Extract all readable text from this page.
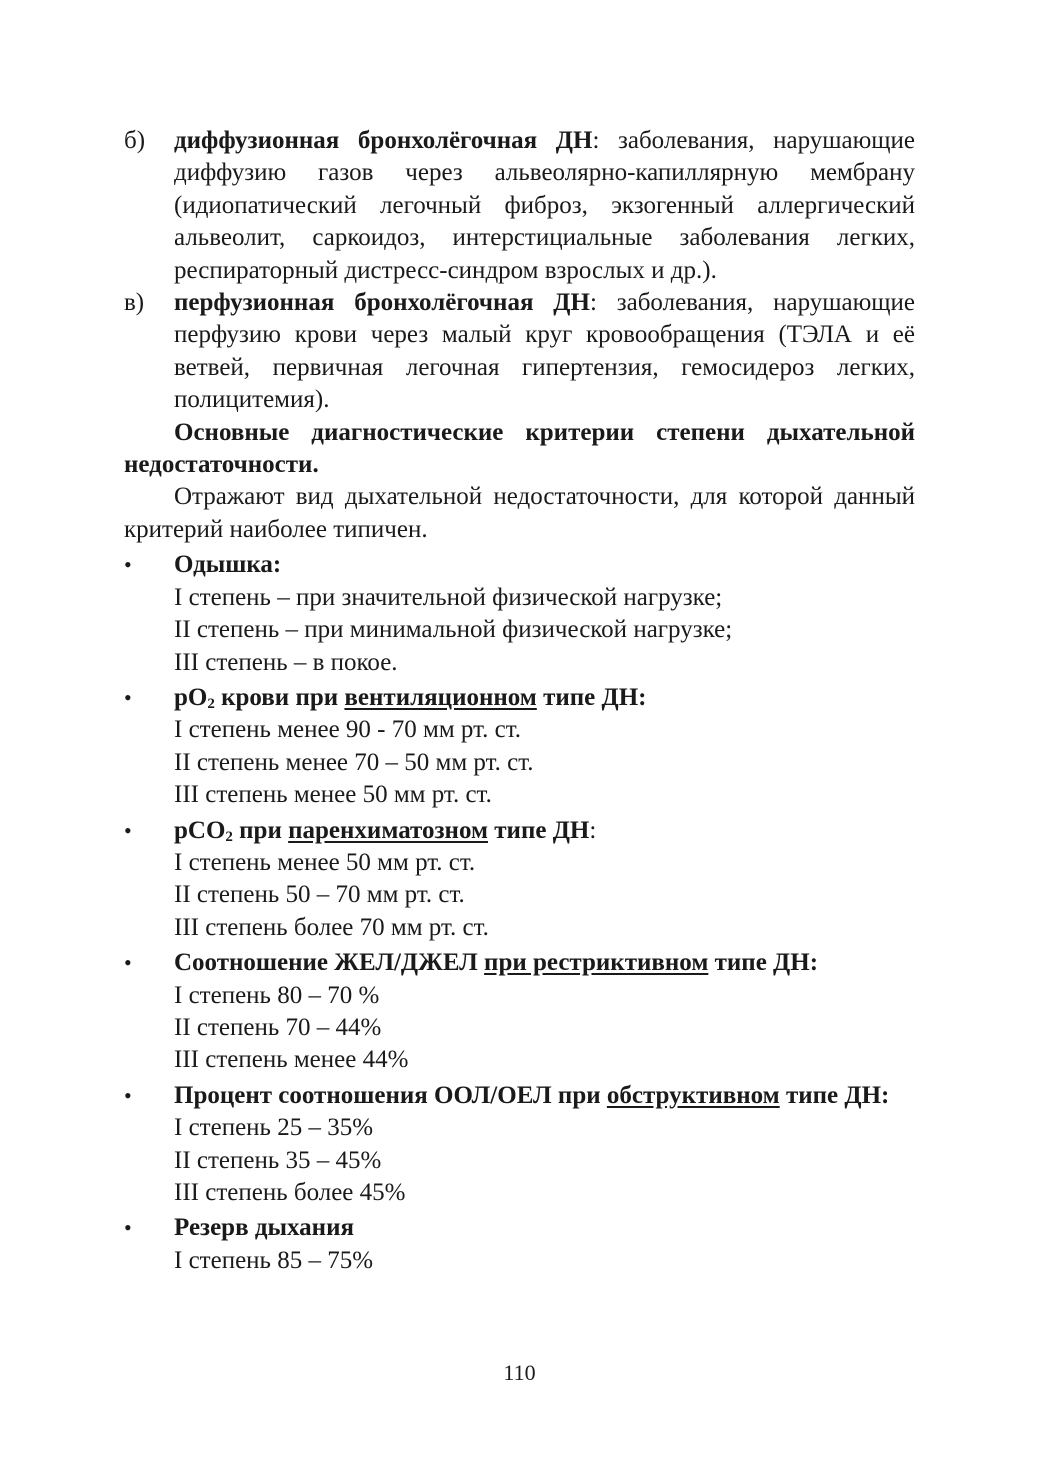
б) диффузионная бронхолёгочная ДН: заболевания, нарушающие диффузию газов через альвеолярно-капиллярную мембрану (идиопатический легочный фиброз, экзогенный аллергический альвеолит, саркоидоз, интерстициальные заболевания легких, респираторный дистресс-синдром взрослых и др.).
в) перфузионная бронхолёгочная ДН: заболевания, нарушающие перфузию крови через малый круг кровообращения (ТЭЛА и её ветвей, первичная легочная гипертензия, гемосидероз легких, полицитемия).
Основные диагностические критерии степени дыхательной недостаточности.
Отражают вид дыхательной недостаточности, для которой данный критерий наиболее типичен.
• Одышка:
I степень – при значительной физической нагрузке;
II степень – при минимальной физической нагрузке;
III степень – в покое.
• $pO_2$ крови при вентиляционном типе ДН:
I степень менее 90 - 70 мм рт. ст.
II степень менее 70 – 50 мм рт. ст.
III степень менее 50 мм рт. ст.
• pCO$_2$ при паренхиматозном типе ДН:
I степень менее 50 мм рт. ст.
II степень 50 – 70 мм рт. ст.
III степень более 70 мм рт. ст.
• Соотношение ЖЕЛ/ДЖЕЛ при рестриктивном типе ДН:
I степень 80 – 70 %
II степень 70 – 44%
III степень менее 44%
• Процент соотношения ООЛ/ОЕЛ при обструктивном типе ДН:
I степень 25 – 35%
II степень 35 – 45%
III степень более 45%
• Резерв дыхания
I степень 85 – 75%
110
